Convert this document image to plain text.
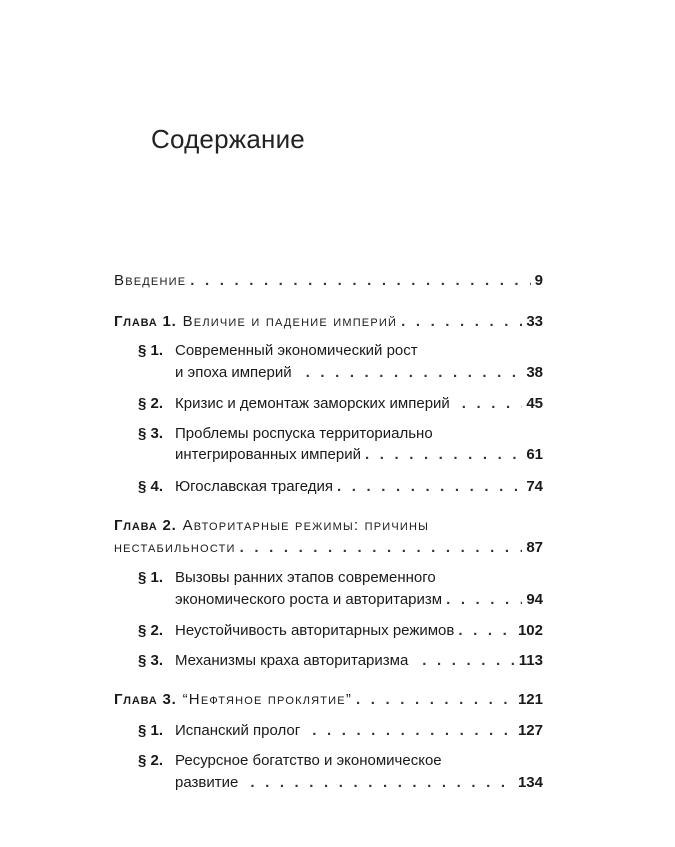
Содержание
Введение . . .	9
Глава 1. Величие и падение империй . . .	33
§ 1. Современный экономический рост
и эпоха империй . . .	38
§ 2. Кризис и демонтаж заморских империй . . .	45
§ 3. Проблемы роспуска территориально
интегрированных империй . . .	61
§ 4. Югославская трагедия . . .	74
Глава 2. Авторитарные режимы: причины
нестабильности . . .	87
§ 1. Вызовы ранних этапов современного
экономического роста и авторитаризм . . .	94
§ 2. Неустойчивость авторитарных режимов . . .	102
§ 3. Механизмы краха авторитаризма . . .	113
Глава 3. “Нефтяное проклятие” . . .	121
§ 1. Испанский пролог . . .	127
§ 2. Ресурсное богатство и экономическое
развитие . . .	134
